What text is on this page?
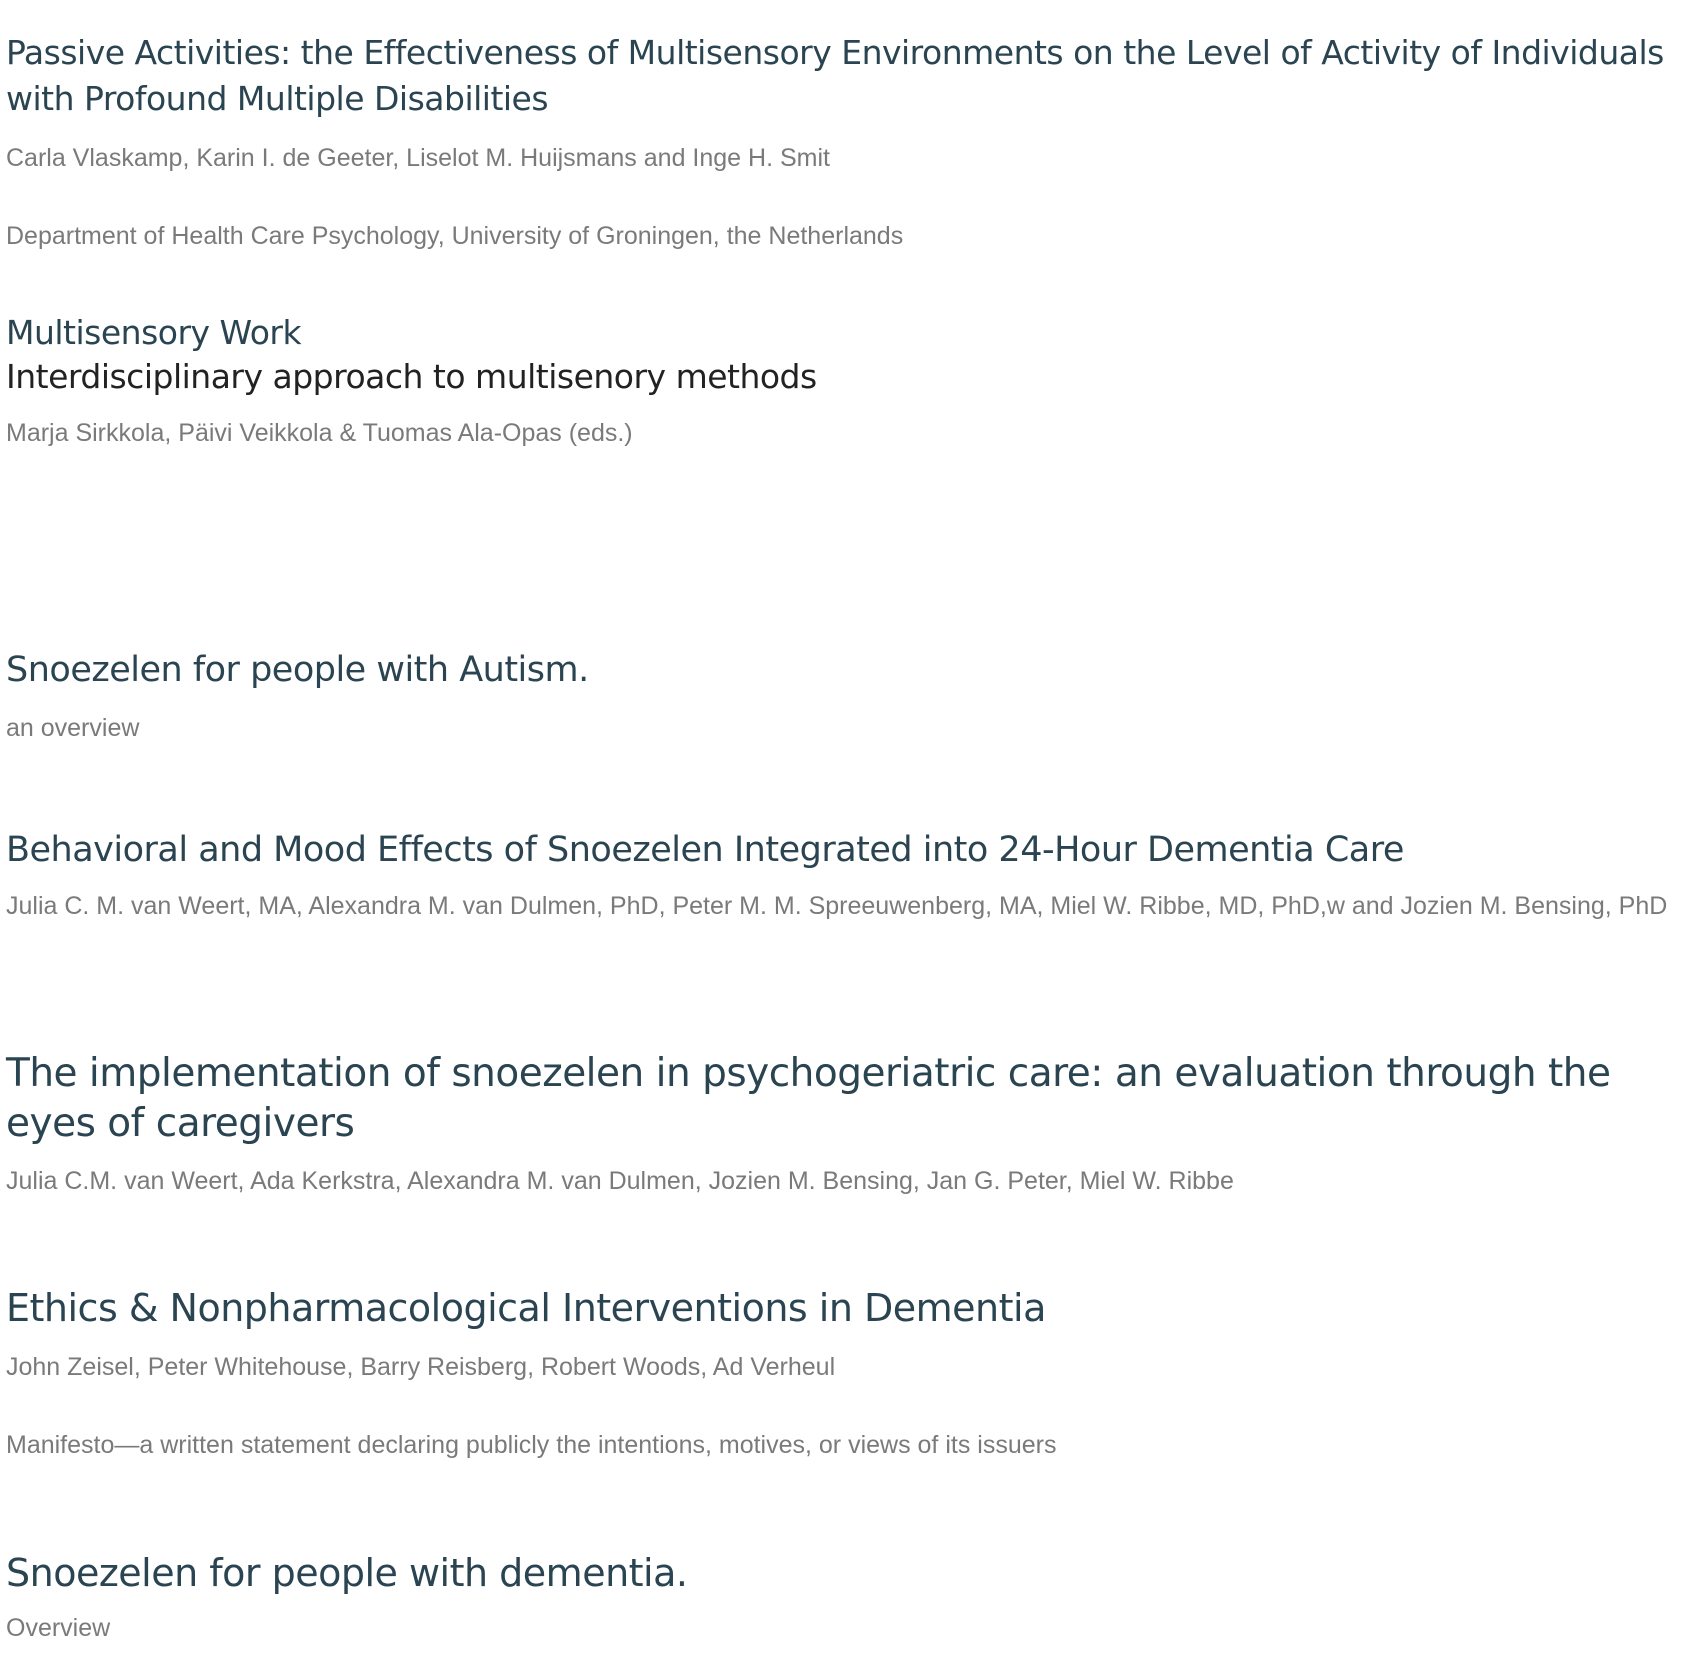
Passive Activities: the Effectiveness of Multisensory Environments on the Level of Activity of Individuals with Profound Multiple Disabilities

Carla Vlaskamp, Karin I. de Geeter, Liselot M. Huijsmans and Inge H. Smit

Department of Health Care Psychology, University of Groningen, the Netherlands

Multisensory Work

Interdisciplinary approach to multisenory methods

Marja Sirkkola, Päivi Veikkola & Tuomas Ala-Opas (eds.)

Snoezelen for people with Autism.

an overview

Behavioral and Mood Effects of Snoezelen Integrated into 24-Hour Dementia Care

Julia C. M. van Weert, MA, Alexandra M. van Dulmen, PhD, Peter M. M. Spreeuwenberg, MA, Miel W. Ribbe, MD, PhD,w and Jozien M. Bensing, PhD

The implementation of snoezelen in psychogeriatric care: an evaluation through the eyes of caregivers

Julia C.M. van Weert, Ada Kerkstra, Alexandra M. van Dulmen, Jozien M. Bensing, Jan G. Peter, Miel W. Ribbe

Ethics & Nonpharmacological Interventions in Dementia

John Zeisel, Peter Whitehouse, Barry Reisberg, Robert Woods, Ad Verheul

Manifesto—a written statement declaring publicly the intentions, motives, or views of its issuers

Snoezelen for people with dementia.

Overview
